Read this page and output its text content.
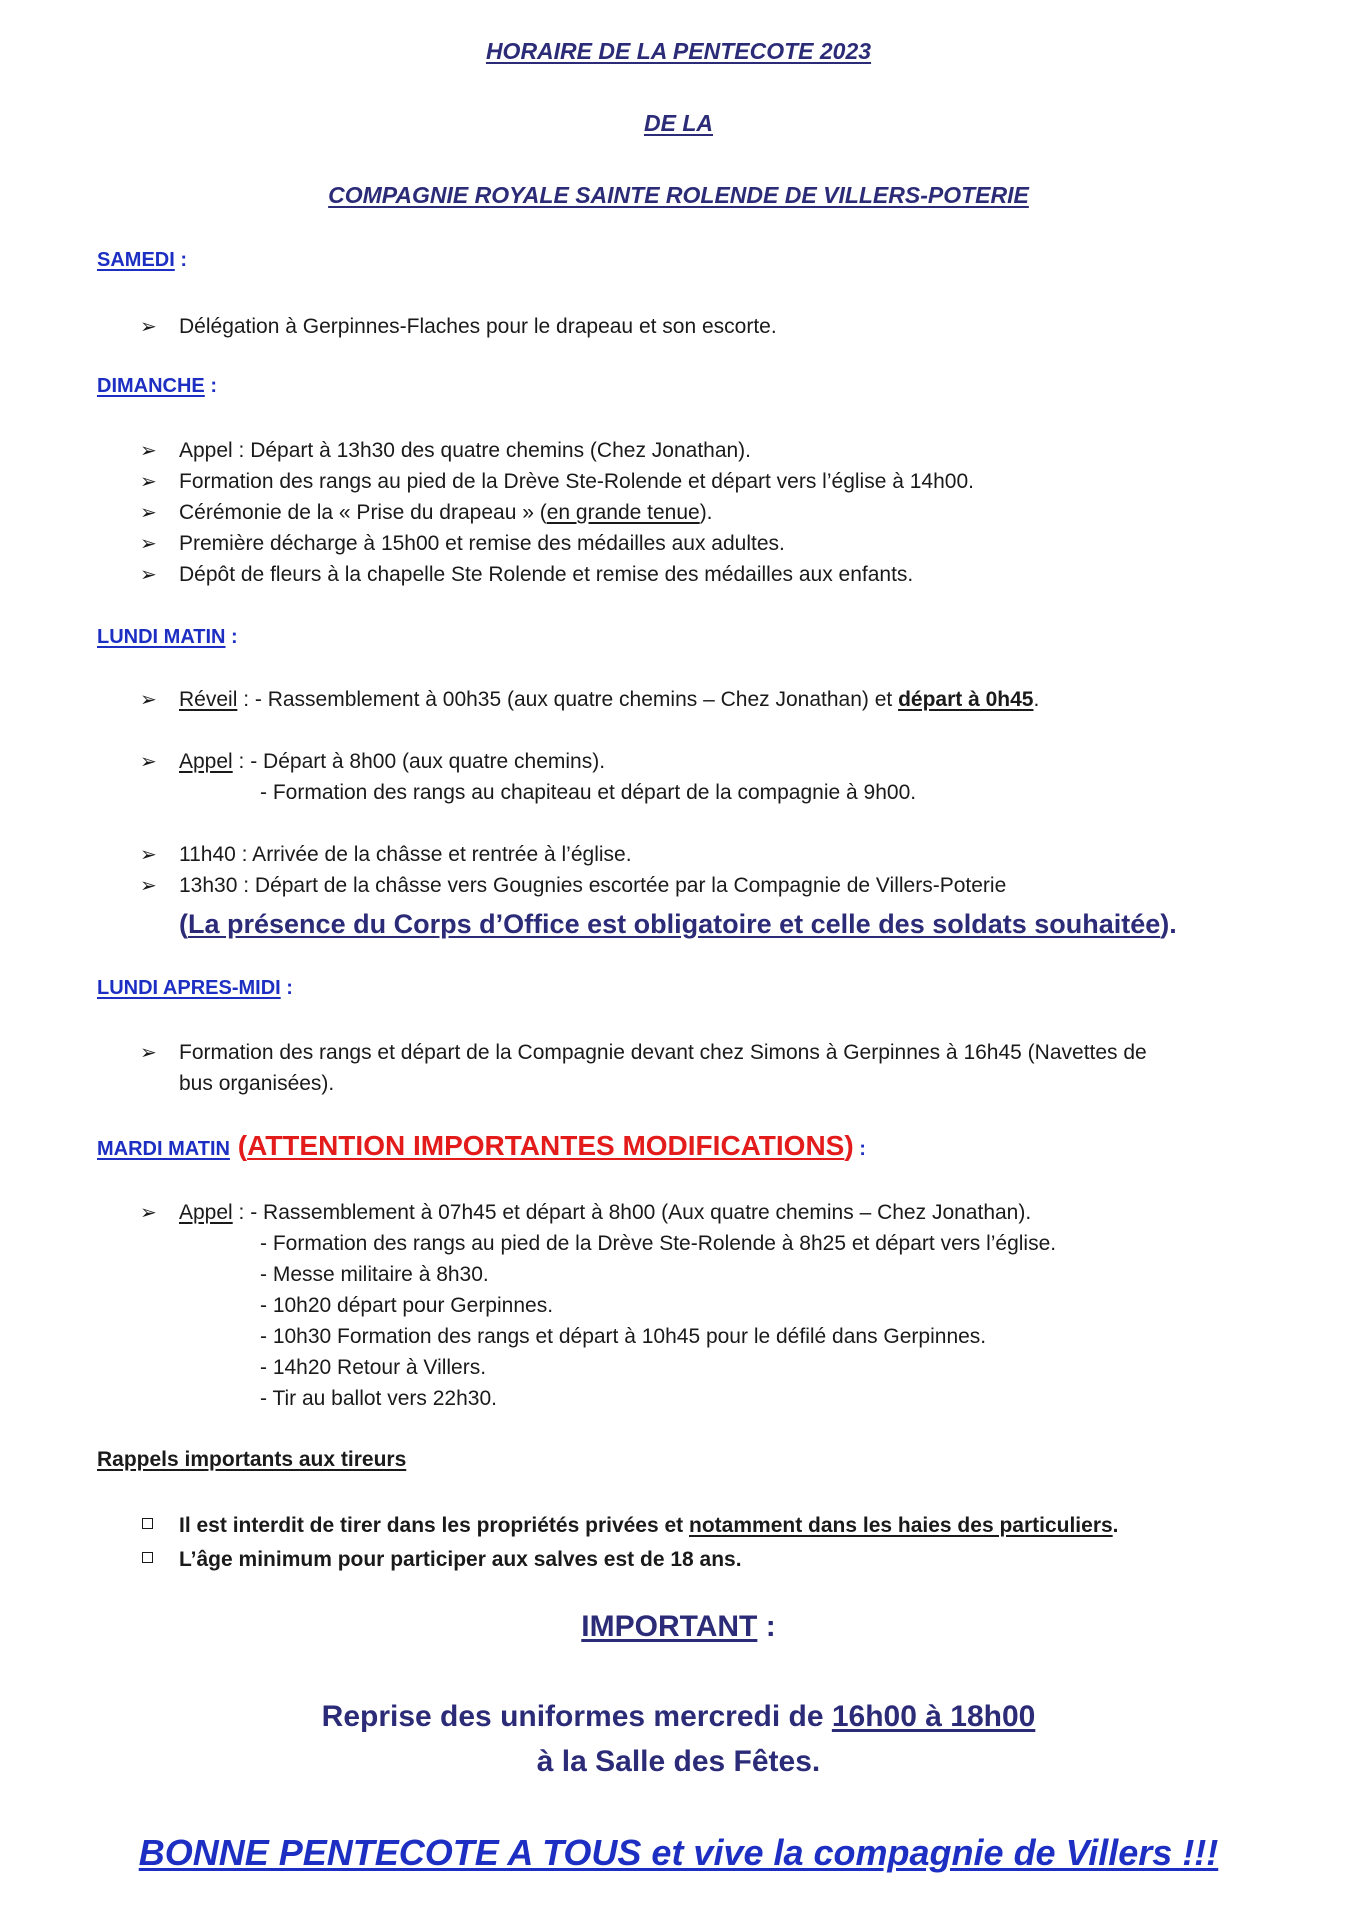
HORAIRE DE LA PENTECOTE 2023
DE LA
COMPAGNIE ROYALE SAINTE ROLENDE DE VILLERS-POTERIE
SAMEDI :
➢ Délégation à Gerpinnes-Flaches pour le drapeau et son escorte.
DIMANCHE :
➢ Appel : Départ à 13h30 des quatre chemins (Chez Jonathan).
➢ Formation des rangs au pied de la Drève Ste-Rolende et départ vers l’église à 14h00.
➢ Cérémonie de la « Prise du drapeau » (en grande tenue).
➢ Première décharge à 15h00 et remise des médailles aux adultes.
➢ Dépôt de fleurs à la chapelle Ste Rolende et remise des médailles aux enfants.
LUNDI MATIN :
➢ Réveil : - Rassemblement à 00h35 (aux quatre chemins – Chez Jonathan) et départ à 0h45.
➢ Appel : - Départ à 8h00 (aux quatre chemins).
- Formation des rangs au chapiteau et départ de la compagnie à 9h00.
➢ 11h40 : Arrivée de la châsse et rentrée à l’église.
➢ 13h30 : Départ de la châsse vers Gougnies escortée par la Compagnie de Villers-Poterie
(La présence du Corps d’Office est obligatoire et celle des soldats souhaitée).
LUNDI APRES-MIDI :
➢ Formation des rangs et départ de la Compagnie devant chez Simons à Gerpinnes à 16h45 (Navettes de
bus organisées).
MARDI MATIN (ATTENTION IMPORTANTES MODIFICATIONS) :
➢ Appel : - Rassemblement à 07h45 et départ à 8h00 (Aux quatre chemins – Chez Jonathan).
- Formation des rangs au pied de la Drève Ste-Rolende à 8h25 et départ vers l’église.
- Messe militaire à 8h30.
- 10h20 départ pour Gerpinnes.
- 10h30 Formation des rangs et départ à 10h45 pour le défilé dans Gerpinnes.
- 14h20 Retour à Villers.
- Tir au ballot vers 22h30.
Rappels importants aux tireurs
Il est interdit de tirer dans les propriétés privées et notamment dans les haies des particuliers.
L’âge minimum pour participer aux salves est de 18 ans.
IMPORTANT :
Reprise des uniformes mercredi de 16h00 à 18h00
à la Salle des Fêtes.
BONNE PENTECOTE A TOUS et vive la compagnie de Villers !!!
